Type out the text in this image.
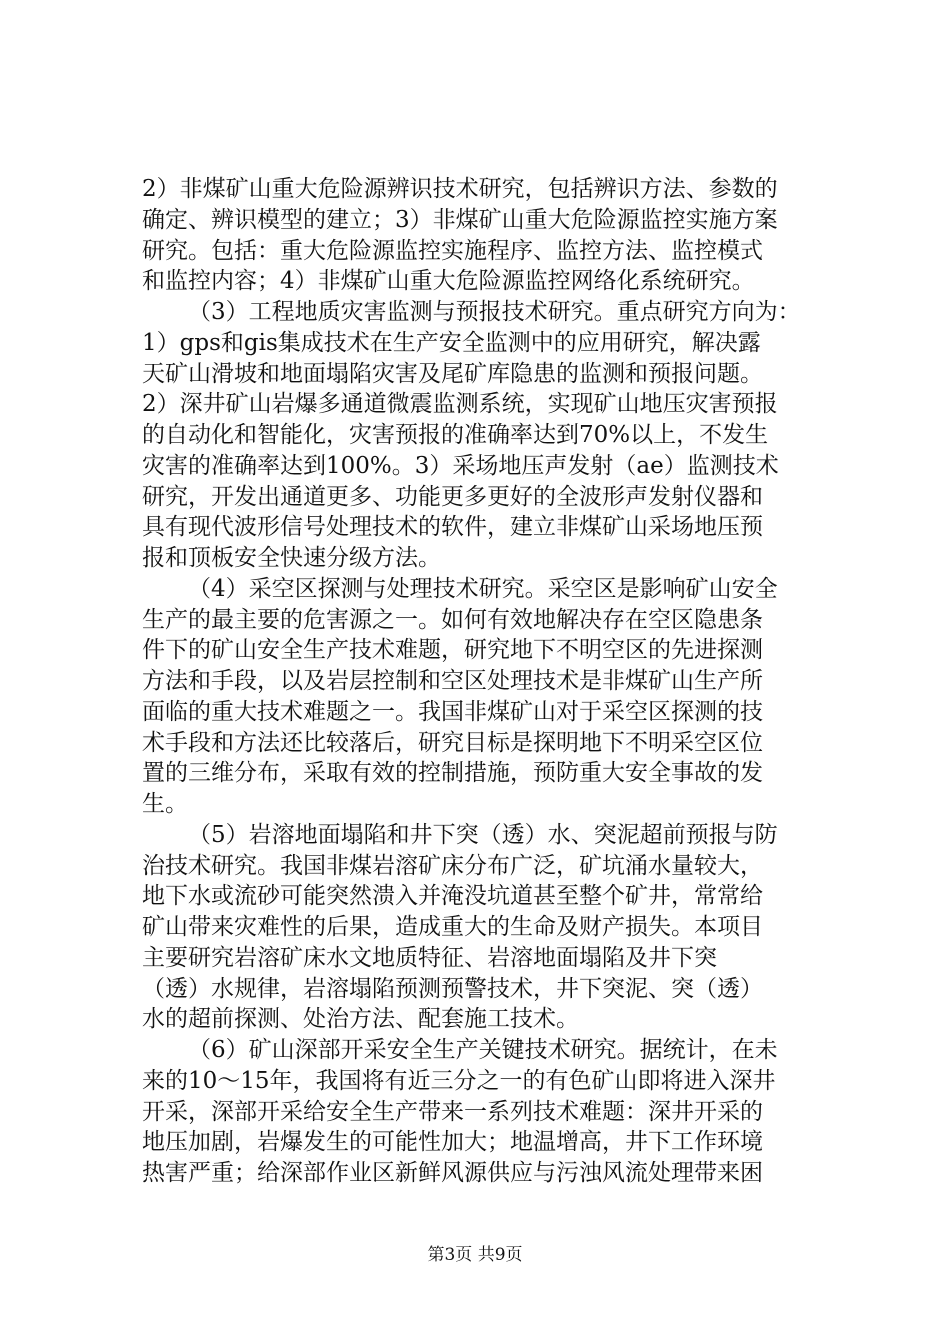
2）非煤矿山重大危险源辨识技术研究，包括辨识方法、参数的
确定、辨识模型的建立；3）非煤矿山重大危险源监控实施方案
研究。包括：重大危险源监控实施程序、监控方法、监控模式
和监控内容；4）非煤矿山重大危险源监控网络化系统研究。
（3）工程地质灾害监测与预报技术研究。重点研究方向为：
1）gps和gis集成技术在生产安全监测中的应用研究，解决露
天矿山滑坡和地面塌陷灾害及尾矿库隐患的监测和预报问题。
2）深井矿山岩爆多通道微震监测系统，实现矿山地压灾害预报
的自动化和智能化，灾害预报的准确率达到70%以上，不发生
灾害的准确率达到100%。3）采场地压声发射（ae）监测技术
研究，开发出通道更多、功能更多更好的全波形声发射仪器和
具有现代波形信号处理技术的软件，建立非煤矿山采场地压预
报和顶板安全快速分级方法。
（4）采空区探测与处理技术研究。采空区是影响矿山安全
生产的最主要的危害源之一。如何有效地解决存在空区隐患条
件下的矿山安全生产技术难题，研究地下不明空区的先进探测
方法和手段，以及岩层控制和空区处理技术是非煤矿山生产所
面临的重大技术难题之一。我国非煤矿山对于采空区探测的技
术手段和方法还比较落后，研究目标是探明地下不明采空区位
置的三维分布，采取有效的控制措施，预防重大安全事故的发
生。
（5）岩溶地面塌陷和井下突（透）水、突泥超前预报与防
治技术研究。我国非煤岩溶矿床分布广泛，矿坑涌水量较大，
地下水或流砂可能突然溃入并淹没坑道甚至整个矿井，常常给
矿山带来灾难性的后果，造成重大的生命及财产损失。本项目
主要研究岩溶矿床水文地质特征、岩溶地面塌陷及井下突
（透）水规律，岩溶塌陷预测预警技术，井下突泥、突（透）
水的超前探测、处治方法、配套施工技术。
（6）矿山深部开采安全生产关键技术研究。据统计，在未
来的10～15年，我国将有近三分之一的有色矿山即将进入深井
开采，深部开采给安全生产带来一系列技术难题：深井开采的
地压加剧，岩爆发生的可能性加大；地温增高，井下工作环境
热害严重；给深部作业区新鲜风源供应与污浊风流处理带来困
第3页 共9页
